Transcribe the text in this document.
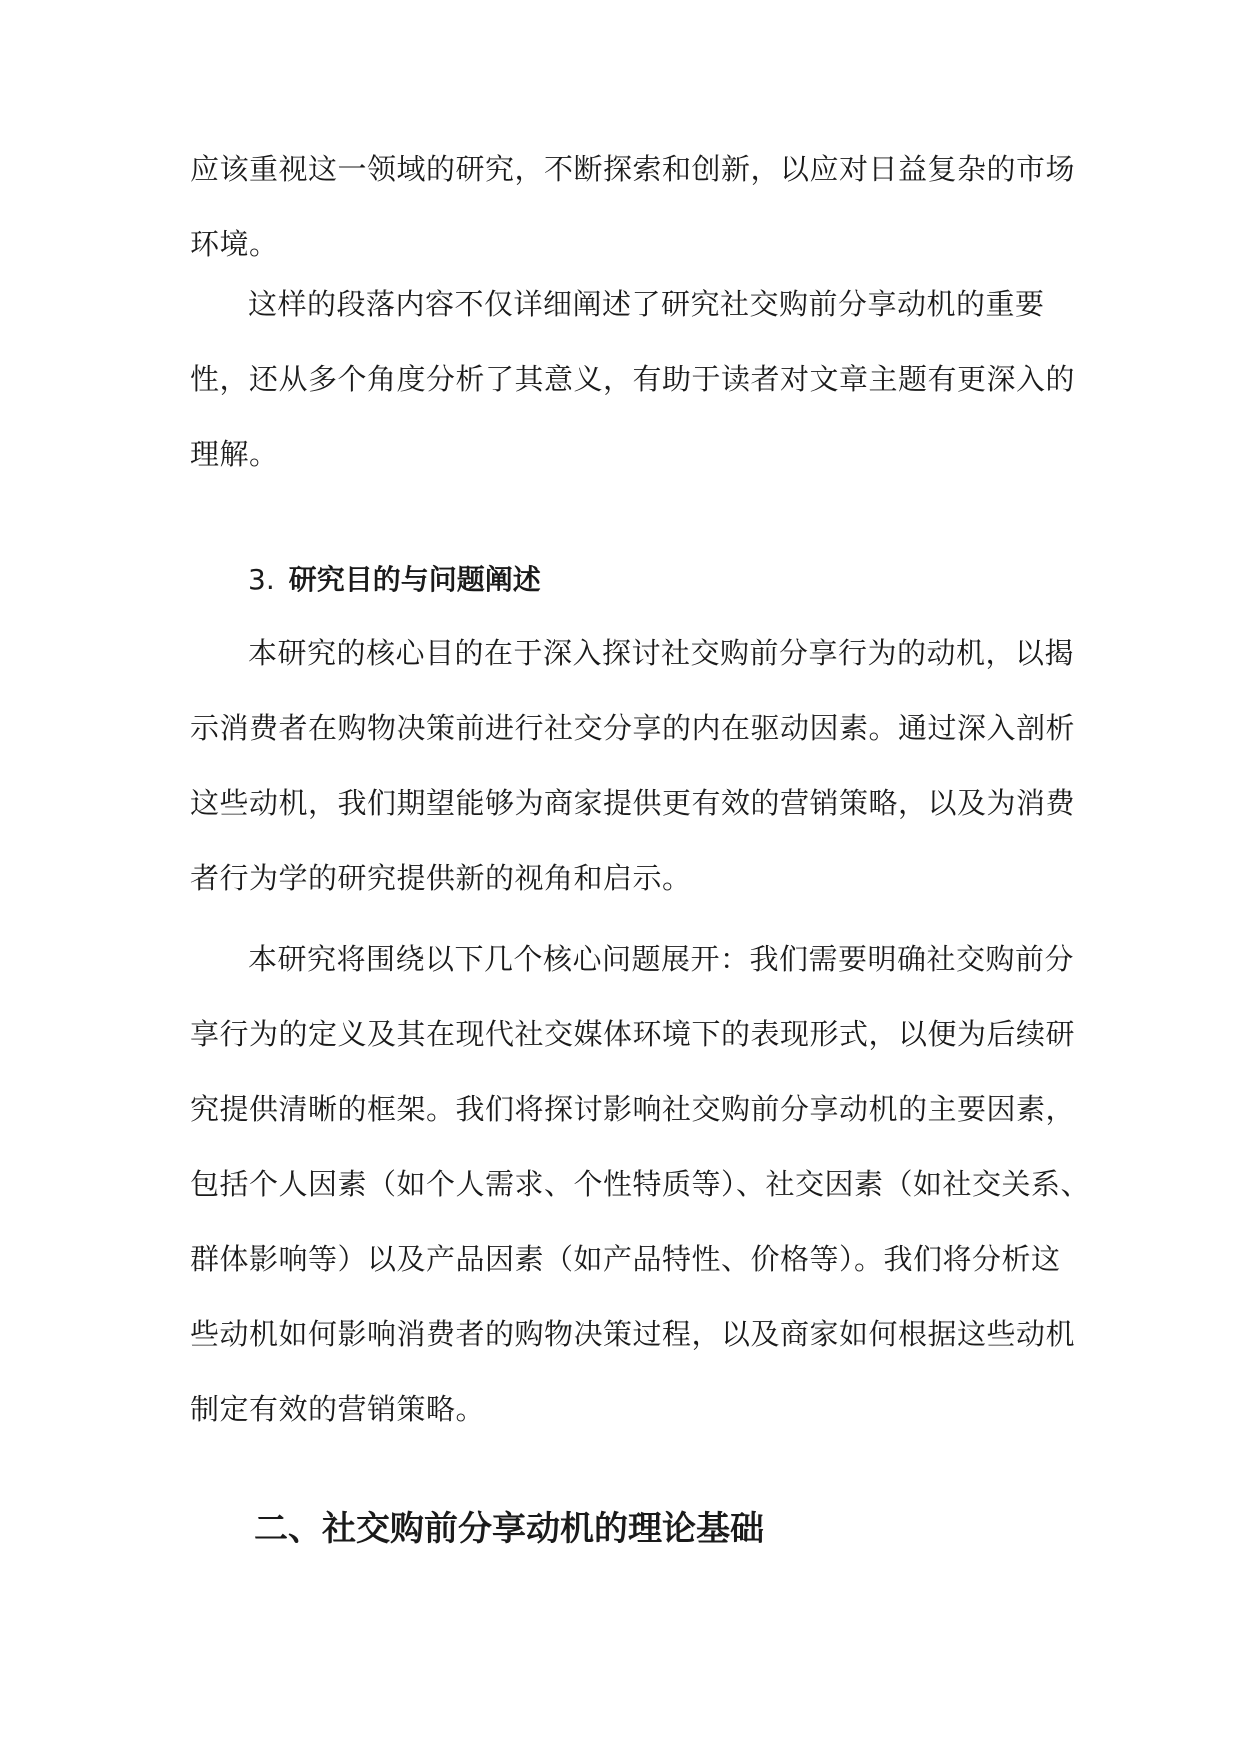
应该重视这一领域的研究，不断探索和创新，以应对日益复杂的市场
环境。

这样的段落内容不仅详细阐述了研究社交购前分享动机的重要
性，还从多个角度分析了其意义，有助于读者对文章主题有更深入的
理解。

3. 研究目的与问题阐述

本研究的核心目的在于深入探讨社交购前分享行为的动机，以揭
示消费者在购物决策前进行社交分享的内在驱动因素。通过深入剖析
这些动机，我们期望能够为商家提供更有效的营销策略，以及为消费
者行为学的研究提供新的视角和启示。

本研究将围绕以下几个核心问题展开：我们需要明确社交购前分
享行为的定义及其在现代社交媒体环境下的表现形式，以便为后续研
究提供清晰的框架。我们将探讨影响社交购前分享动机的主要因素，
包括个人因素（如个人需求、个性特质等）、社交因素（如社交关系、
群体影响等）以及产品因素（如产品特性、价格等）。我们将分析这
些动机如何影响消费者的购物决策过程，以及商家如何根据这些动机
制定有效的营销策略。

二、社交购前分享动机的理论基础
